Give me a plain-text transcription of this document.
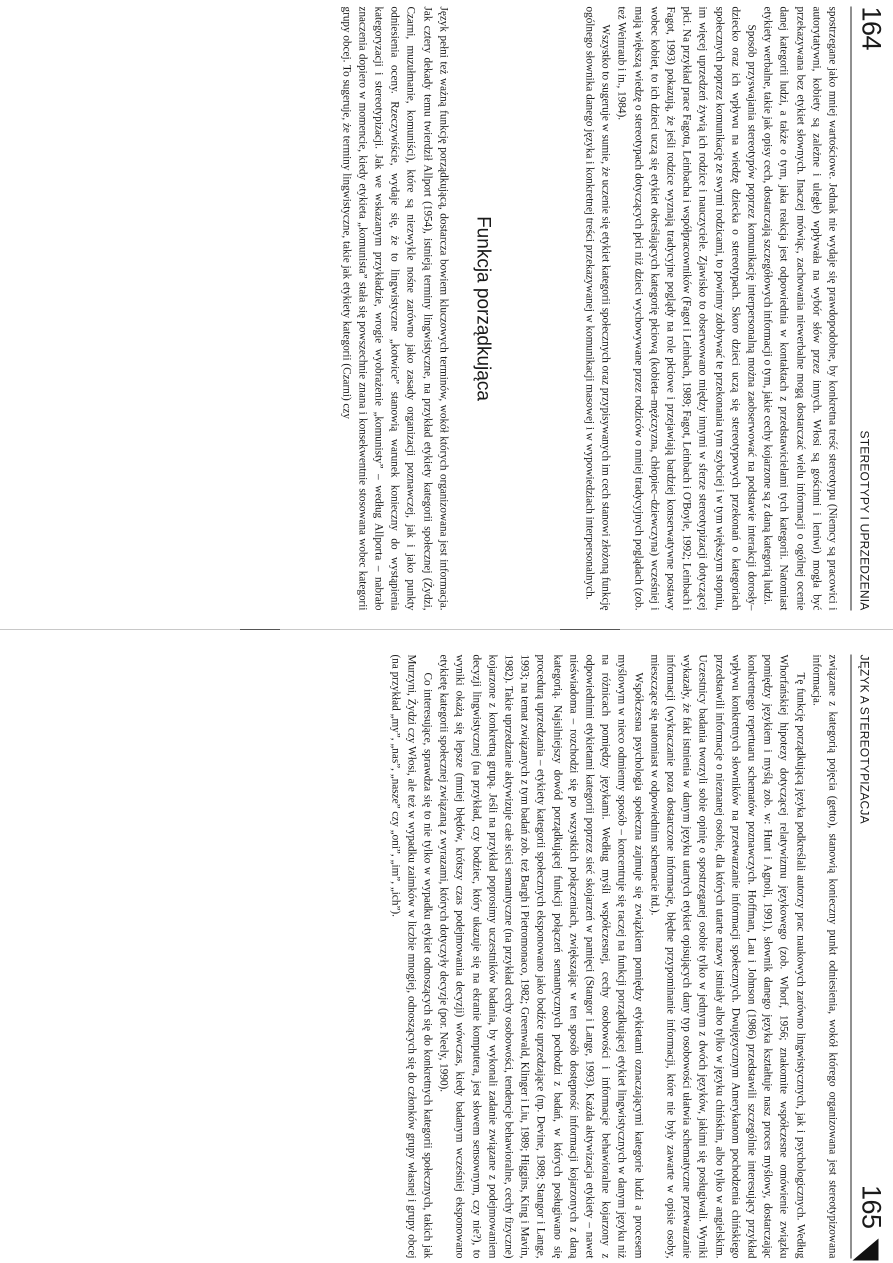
164
STEREOTYPY I UPRZEDZENIA

spostrzegane jako mniej wartościowe. Jednak nie wydaje się prawdopodobne, by konkretna treść stereotypu (Niemcy są pracowici i autorytatywni, kobiety są zależne i uległe) wpływała na wybór słów przez innych. Włosi są gościnni i leniwi) mogła być przekazywana bez etykiet słownych. Inaczej mówiąc, zachowania niewerbalne mogą dostarczać wielu informacji o ogólnej ocenie danej kategorii ludzi, a także o tym, jaka reakcja jest odpowiednia w kontaktach z przedstawicielami tych kategorii. Natomiast etykiety werbalne, takie jak opisy cech, dostarczają szczegółowych informacji o tym, jakie cechy kojarzone są z daną kategorią ludzi.

Sposób przyswajania stereotypów poprzez komunikację interpersonalną można zaobserwować na podstawie interakcji dorosły–dziecko oraz ich wpływu na wiedzę dziecka o stereotypach. Skoro dzieci uczą się stereotypowych przekonań o kategoriach społecznych poprzez komunikację ze swymi rodzicami, to powinny zdobywać te przekonania tym szybciej i w tym większym stopniu, im więcej uprzedzeń żywią ich rodzice i nauczyciele. Zjawisko to obserwowano między innymi w sferze stereotypizacji dotyczącej płci. Na przykład prace Fagota, Leinbacha i współpracowników (Fagot i Leinbach, 1989; Fagot, Leinbach i O'Boyle, 1992; Leinbach i Fagot, 1993) pokazują, że jeśli rodzice wyznają tradycyjne poglądy na role płciowe i przejawiają bardziej konserwatywne postawy wobec kobiet, to ich dzieci uczą się etykiet określających kategorię płciową (kobieta–mężczyzna, chłopiec–dziewczyna) wcześniej i mają większą wiedzę o stereotypach dotyczących płci niż dzieci wychowywane przez rodziców o mniej tradycyjnych poglądach (zob. też Weinraub i in., 1984).

Wszystko to sugeruje w sumie, że uczenie się etykiet kategorii społecznych oraz przypisywanych im cech stanowi złożoną funkcję ogólnego słownika danego języka i konkretnej treści przekazywanej w komunikacji masowej i w wypowiedziach interpersonalnych.

Funkcja porządkująca

Język pełni też ważną funkcję porządkującą, dostarcza bowiem kluczowych terminów, wokół których organizowana jest informacja. Jak cztery dekady temu twierdził Allport (1954), istnieją terminy lingwistyczne, na przykład etykiety kategorii społecznej (Żydzi, Czarni, muzułmanie, komuniści), które są niezwykle nośne zarówno jako zasady organizacji poznawczej, jak i jako punkty odniesienia oceny. Rzeczywiście, wydaje się, że to lingwistyczne „kotwice” stanowią warunek konieczny do wystąpienia kategoryzacji i stereotypizacji. Jak we wskazanym przykładzie, wrogie wyobrażenie „komunisty” – według Allporta – nabrało znaczenia dopiero w momencie, kiedy etykieta „komunista” stała się powszechnie znana i konsekwentnie stosowana wobec kategorii grupy obcej. To sugeruje, że terminy lingwistyczne, takie jak etykiety kategorii (Czarni) czy

JĘZYK A STEREOTYPIZACJA
165

związane z kategorią pojęcia (getto), stanowią konieczny punkt odniesienia, wokół którego organizowana jest stereotypizowana informacja.

Tę funkcję porządkującą języka podkreślali autorzy prac naukowych zarówno lingwistycznych, jak i psychologicznych. Według Whorfańskiej hipotezy dotyczącej relatywizmu językowego (zob. Whorf, 1956; znakomite współczesne omówienie związku pomiędzy językiem i myślą zob. w: Hunt i Agnoli, 1991), słownik danego języka kształtuje nasz proces myślowy, dostarczając konkretnego repertuaru schematów poznawczych. Hoffman, Lau i Johnson (1986) przedstawili szczególnie interesujący przykład wpływu konkretnych słowników na przetwarzanie informacji społecznych. Dwujęzycznym Amerykanom pochodzenia chińskiego przedstawili informacje o nieznanej osobie, dla których utarte nazwy istniały albo tylko w języku chińskim, albo tylko w angielskim. Uczestnicy badania tworzyli sobie opinię o spostrzeganej osobie tylko w jednym z dwóch języków, jakimi się posługiwali. Wyniki wykazały, że fakt istnienia w danym języku utartych etykiet opisujących dany typ osobowości ułatwia schematyczne przetwarzanie informacji (wykraczanie poza dostarczone informacje, błędne przypominanie informacji, które nie były zawarte w opisie osoby, mieszczące się natomiast w odpowiednim schemacie itd.).

Współczesna psychologia społeczna zajmuje się związkiem pomiędzy etykietami oznaczającymi kategorie ludzi a procesem myślowym w nieco odmienny sposób – koncentruje się raczej na funkcji porządkującej etykiet lingwistycznych w danym języku niż na różnicach pomiędzy językami. Według myśli współczesnej, cechy osobowości i informacje behawioralne kojarzony z odpowiednimi etykietami kategorii poprzez sieć skojarzeń w pamięci (Stangor i Lange, 1993). Każda aktywizacja etykiety – nawet nieświadoma – rozchodzi się po wszystkich połączeniach, zwiększając w ten sposób dostępność informacji kojarzonych z daną kategorią. Najsilniejszy dowód porządkującej funkcji połączeń semantycznych pochodzi z badań, w których posługiwano się procedurą uprzedzania – etykiety kategorii społecznych eksponowano jako bodźce uprzedzające (np. Devine, 1989; Stangor i Lange, 1993; na temat związanych z tym badań zob. też Bargh i Pietromonaco, 1982; Greenwald, Klinger i Liu, 1989; Higgins, King i Mavin, 1982). Takie uprzedzanie aktywizuje całe sieci semantyczne (na przykład cechy osobowości, tendencje behawioralne, cechy fizyczne) kojarzone z konkretną grupą. Jeśli na przykład poprosimy uczestników badania, by wykonali zadanie związane z podejmowaniem decyzji lingwistycznej (na przykład, czy bodziec, który ukazuje się na ekranie komputera, jest słowem sensownym, czy nie?), to wyniki okażą się lepsze (mniej błędów, krótszy czas podejmowania decyzji) wówczas, kiedy badanym wcześniej eksponowano etykietę kategorii społecznej związaną z wyrazami, których dotyczyły decyzje (por. Neely, 1990).

Co interesujące, sprawdza się to nie tylko w wypadku etykiet odnoszących się do konkretnych kategorii społecznych, takich jak Murzyni, Żydzi czy Włosi, ale też w wypadku zaimków w liczbie mnogiej, odnoszących się do członków grupy własnej i grupy obcej (na przykład „my”, „nas”, „nasze” czy „oni”, „im”, „ich”).
